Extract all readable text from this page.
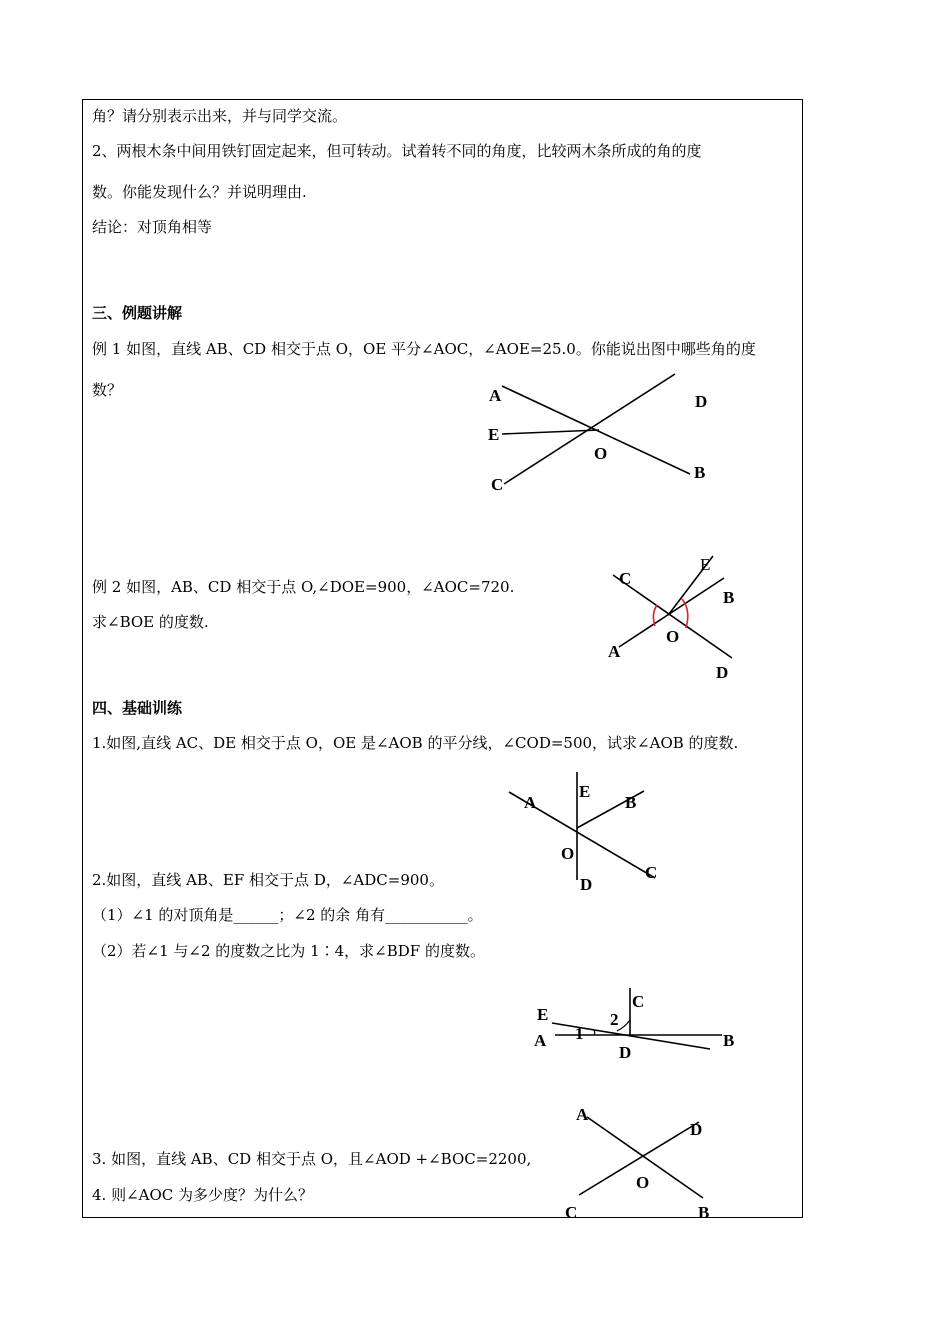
角？请分别表示出来，并与同学交流。
2、两根木条中间用铁钉固定起来，但可转动。试着转不同的角度，比较两木条所成的角的度
数。你能发现什么？并说明理由.
结论：对顶角相等
三、例题讲解
例 1 如图，直线 AB、CD 相交于点 O，OE 平分∠AOC，∠AOE=25.0。你能说出图中哪些角的度
数？	A	D
E
O
B
C
例 2 如图，AB、CD 相交于点 O,∠DOE=900，∠AOC=720.
求∠BOE 的度数.
C
E
B
O
A
D
四、基础训练
1.如图,直线 AC、DE 相交于点 O，OE 是∠AOB 的平分线，∠COD=500，试求∠AOB 的度数.
A
E
B
O
C
D
2.如图，直线 AB、EF 相交于点 D，∠ADC=900。
（1）∠1 的对顶角是______；∠2 的余 角有___________。
（2）若∠1 与∠2 的度数之比为 1∶4，求∠BDF 的度数。
E
C
2
1
A	B
D
3. 如图，直线 AB、CD 相交于点 O，且∠AOD +∠BOC=2200,
4. 则∠AOC 为多少度？为什么？
A
D
O
C	B
